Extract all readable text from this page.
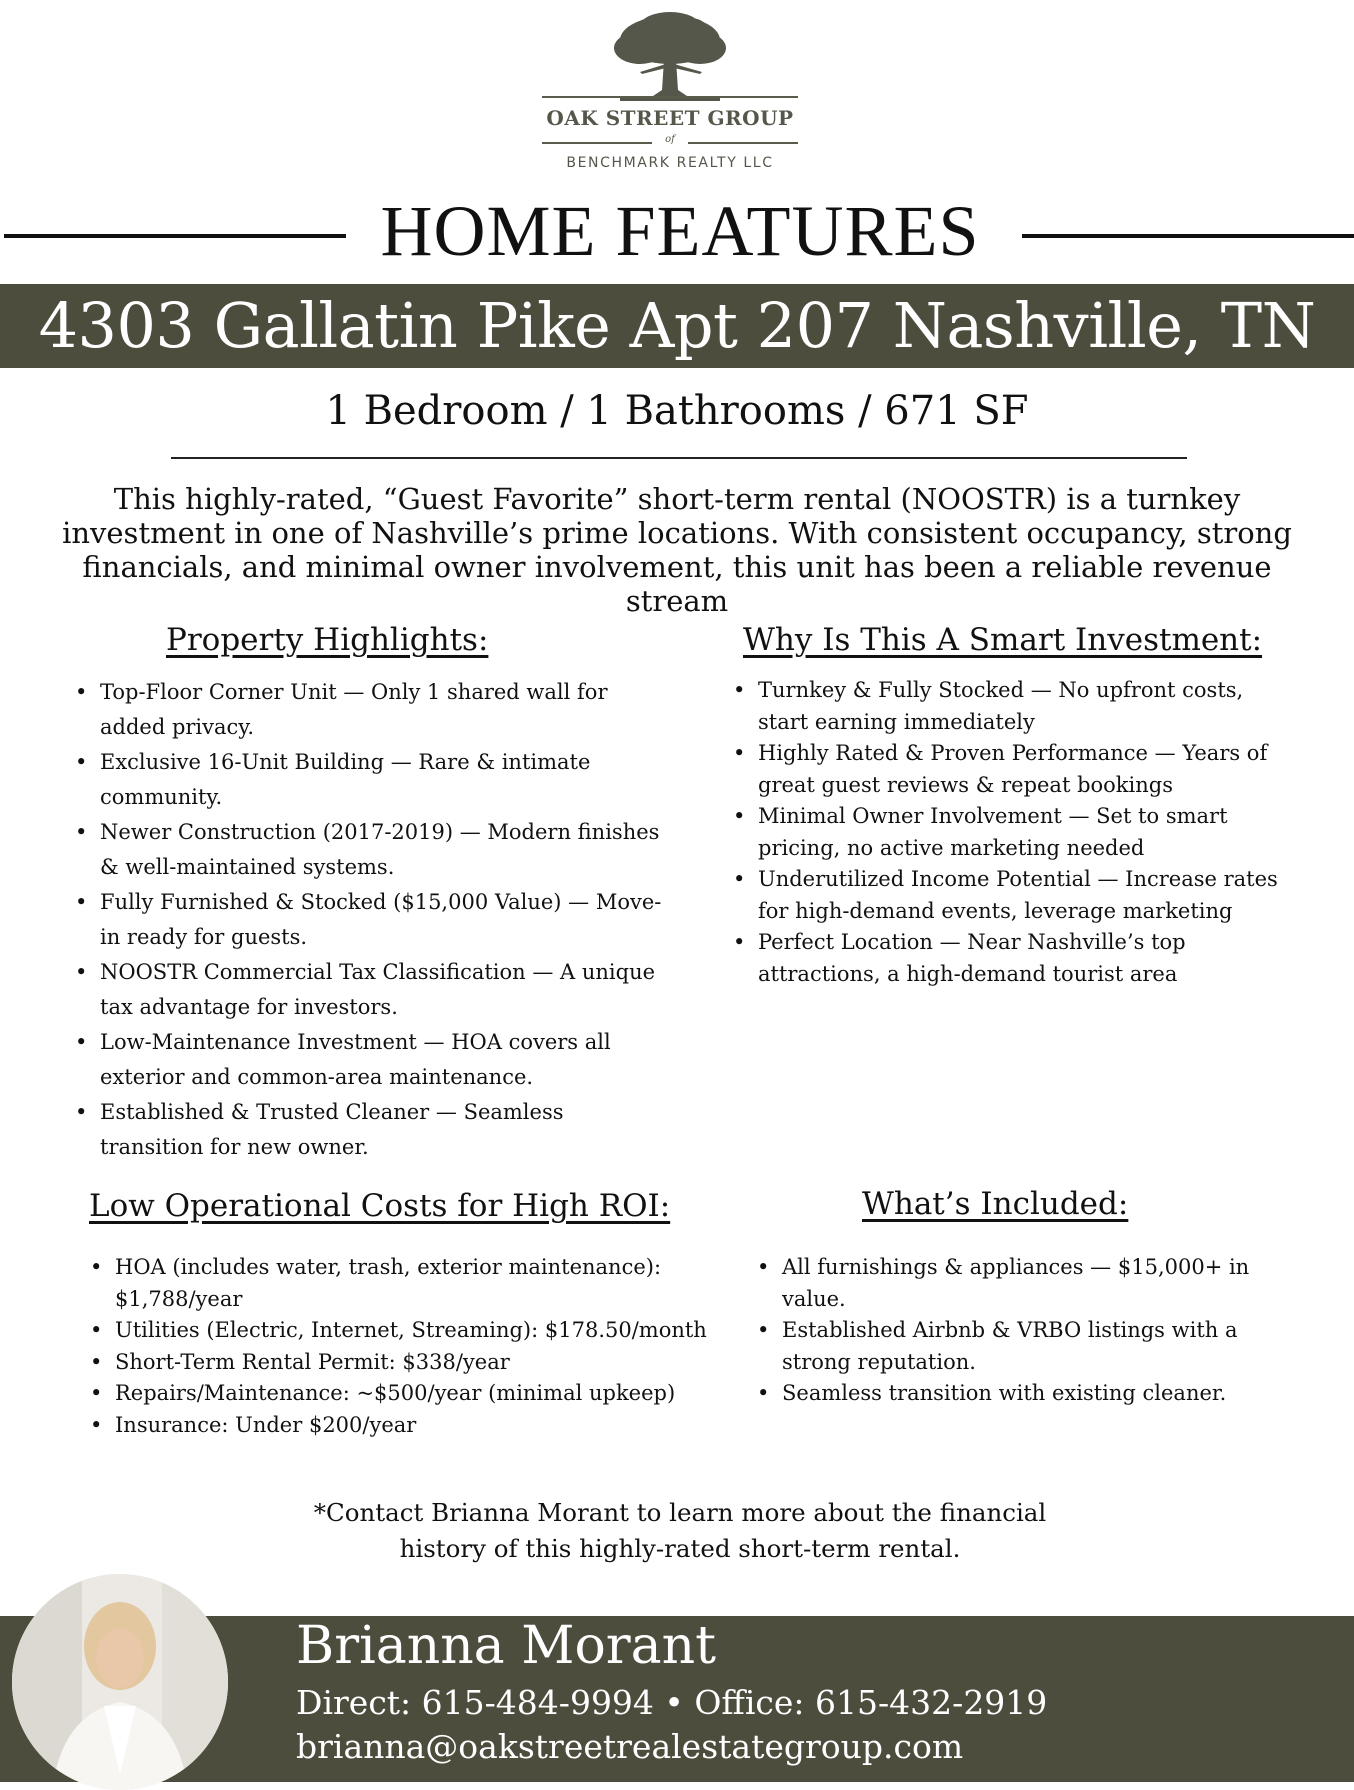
OAK STREET GROUP
of
BENCHMARK REALTY LLC
HOME FEATURES
4303 Gallatin Pike Apt 207 Nashville, TN
1 Bedroom / 1 Bathrooms / 671 SF
This highly-rated, “Guest Favorite” short-term rental (NOOSTR) is a turnkey investment in one of Nashville’s prime locations. With consistent occupancy, strong financials, and minimal owner involvement, this unit has been a reliable revenue stream
Property Highlights:
• Top-Floor Corner Unit — Only 1 shared wall for added privacy.
• Exclusive 16-Unit Building — Rare & intimate community.
• Newer Construction (2017-2019) — Modern finishes & well-maintained systems.
• Fully Furnished & Stocked ($15,000 Value) — Move-in ready for guests.
• NOOSTR Commercial Tax Classification — A unique tax advantage for investors.
• Low-Maintenance Investment — HOA covers all exterior and common-area maintenance.
• Established & Trusted Cleaner — Seamless transition for new owner.
Why Is This A Smart Investment:
• Turnkey & Fully Stocked — No upfront costs, start earning immediately
• Highly Rated & Proven Performance — Years of great guest reviews & repeat bookings
• Minimal Owner Involvement — Set to smart pricing, no active marketing needed
• Underutilized Income Potential — Increase rates for high-demand events, leverage marketing
• Perfect Location — Near Nashville’s top attractions, a high-demand tourist area
Low Operational Costs for High ROI:
• HOA (includes water, trash, exterior maintenance): $1,788/year
• Utilities (Electric, Internet, Streaming): $178.50/month
• Short-Term Rental Permit: $338/year
• Repairs/Maintenance: ~$500/year (minimal upkeep)
• Insurance: Under $200/year
What’s Included:
• All furnishings & appliances — $15,000+ in value.
• Established Airbnb & VRBO listings with a strong reputation.
• Seamless transition with existing cleaner.
*Contact Brianna Morant to learn more about the financial
history of this highly-rated short-term rental.
Brianna Morant
Direct: 615-484-9994 • Office: 615-432-2919
brianna@oakstreetrealestategroup.com
